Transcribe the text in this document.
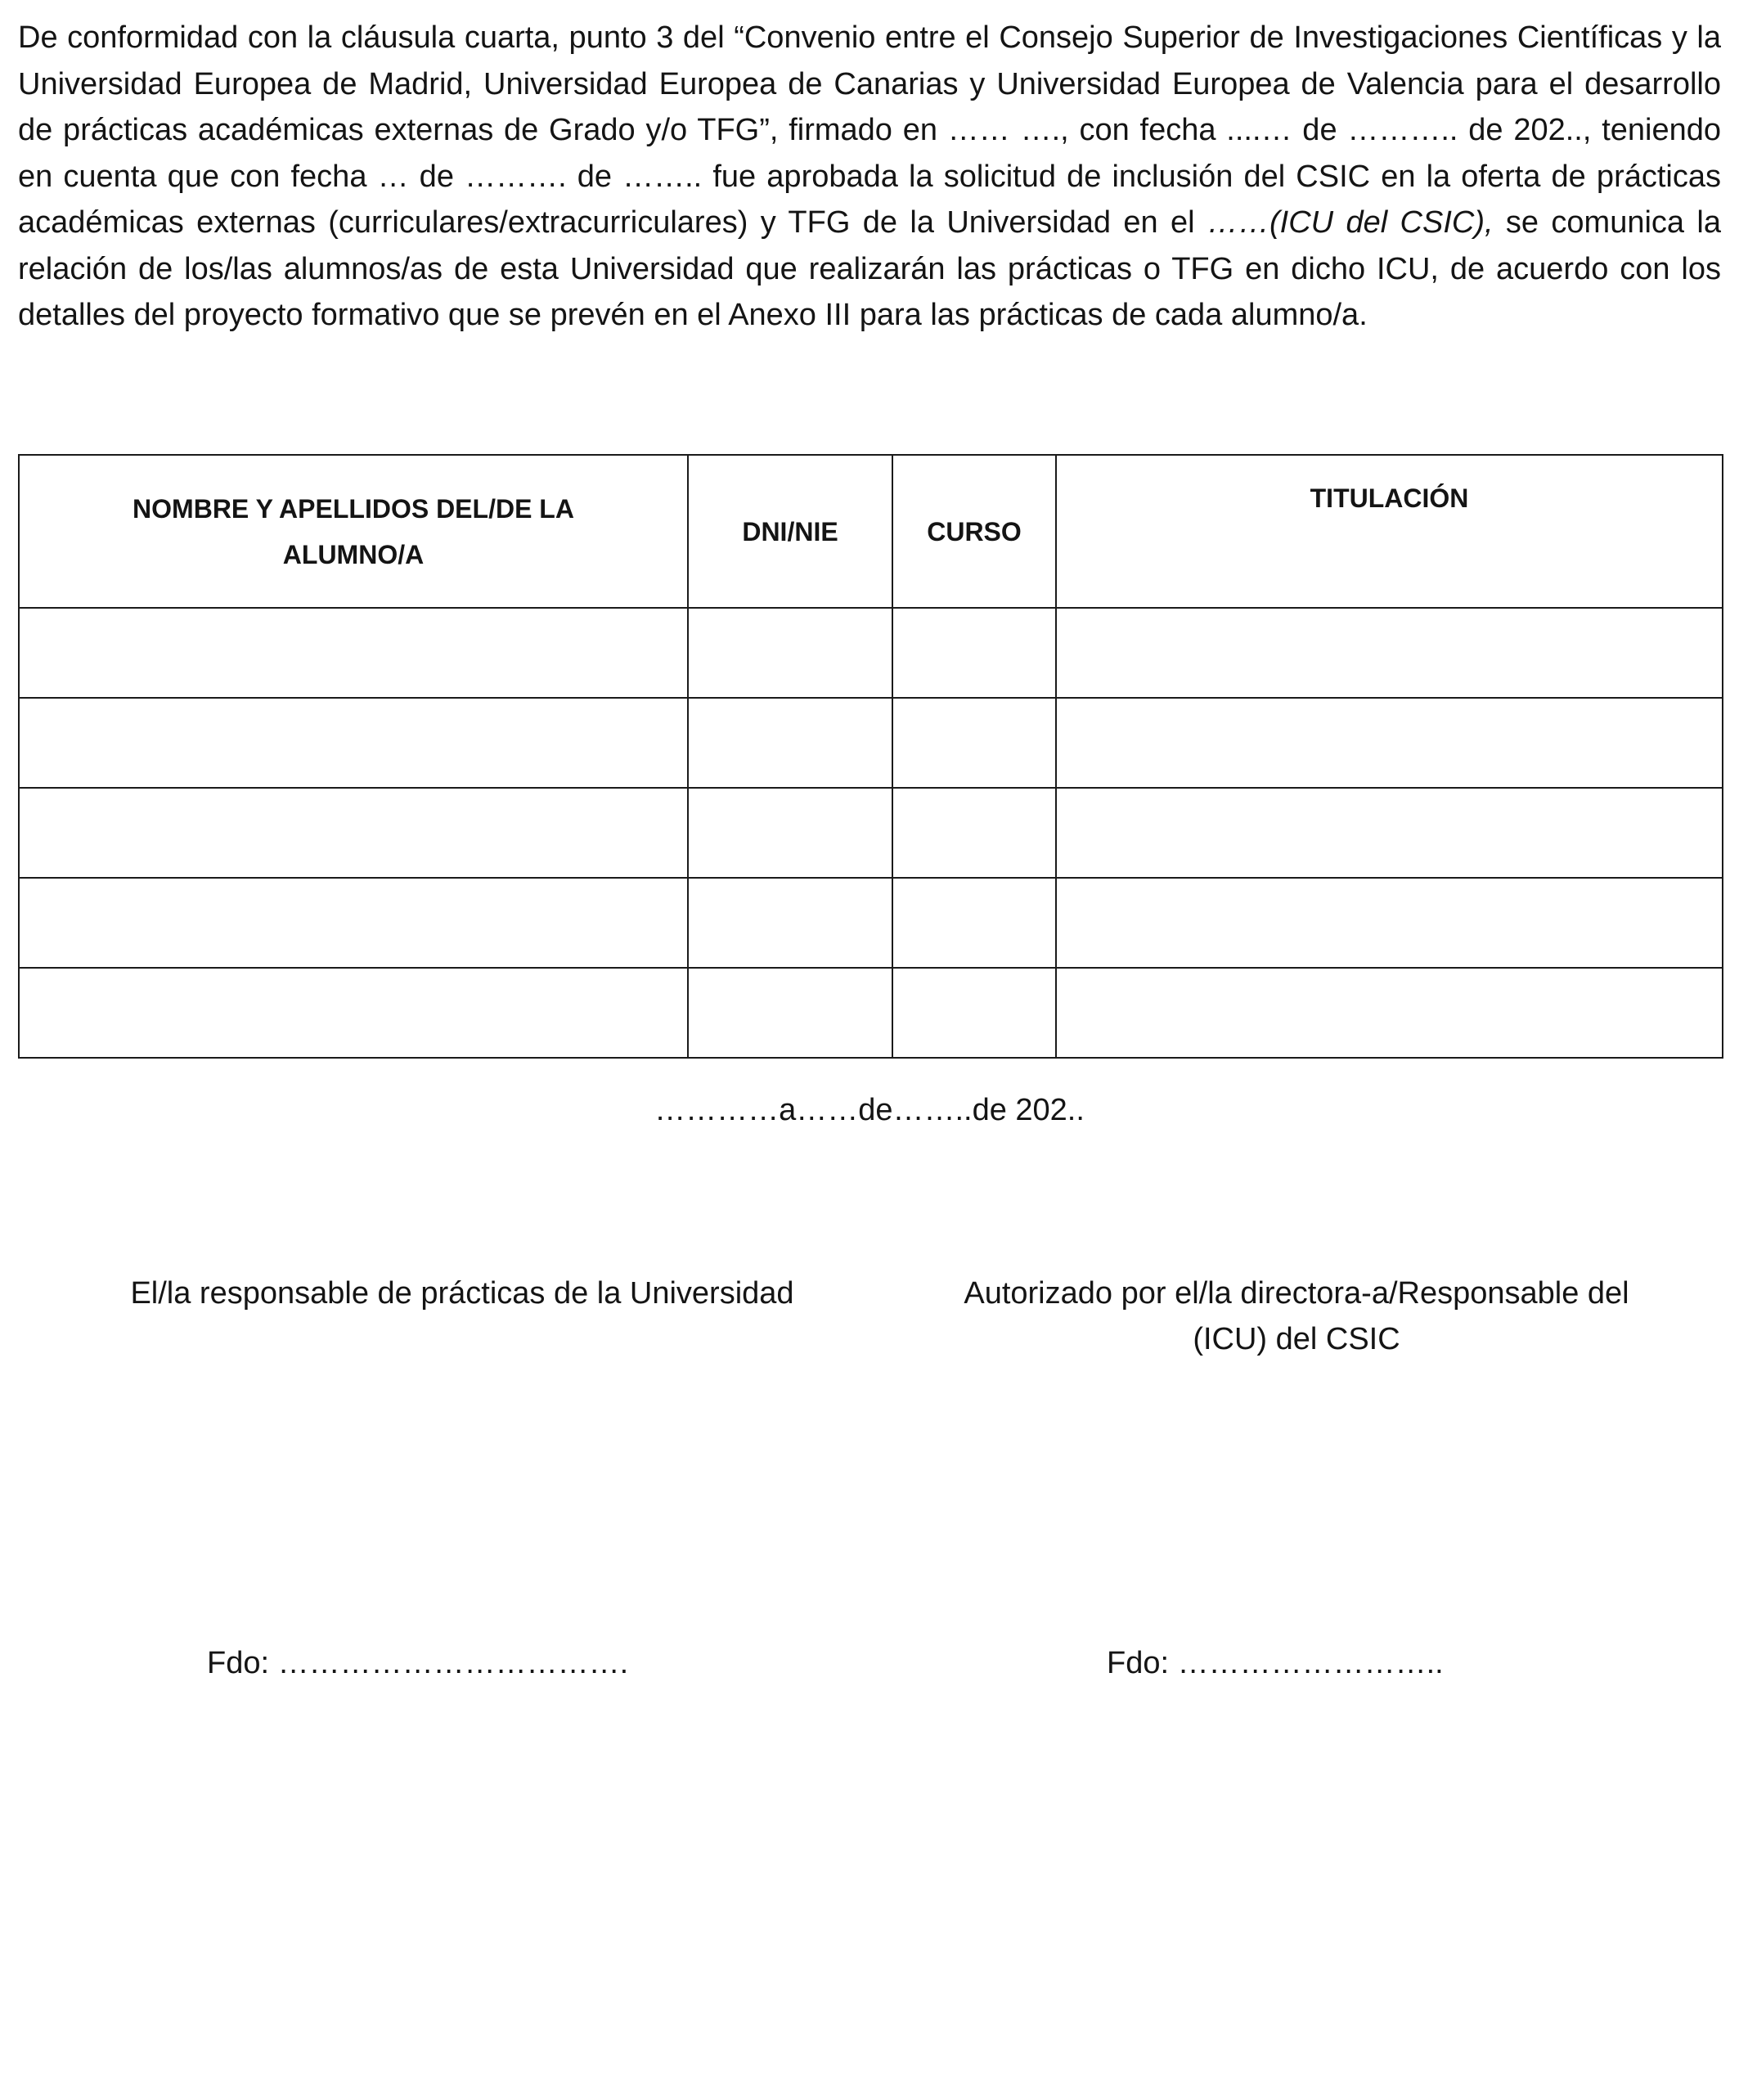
De conformidad con la cláusula cuarta, punto 3 del “Convenio entre el Consejo Superior de Investigaciones Científicas y la Universidad Europea de Madrid, Universidad Europea de Canarias y Universidad Europea de Valencia para el desarrollo de prácticas académicas externas de Grado y/o TFG”, firmado en …… …., con fecha ....… de ……….. de 202.., teniendo en cuenta que con fecha … de ………. de …….. fue aprobada la solicitud de inclusión del CSIC en la oferta de prácticas académicas externas (curriculares/extracurriculares) y TFG de la Universidad en el ……(ICU del CSIC), se comunica la relación de los/las alumnos/as de esta Universidad que realizarán las prácticas o TFG en dicho ICU, de acuerdo con los detalles del proyecto formativo que se prevén en el Anexo III para las prácticas de cada alumno/a.

NOMBRE Y APELLIDOS DEL/DE LA
ALUMNO/A	DNI/NIE	CURSO	TITULACIÓN

…………a……de……..de 202..

El/la responsable de prácticas de la Universidad	Autorizado por el/la directora-a/Responsable del
(ICU) del CSIC

Fdo: …………………………….	Fdo: ……………………..
